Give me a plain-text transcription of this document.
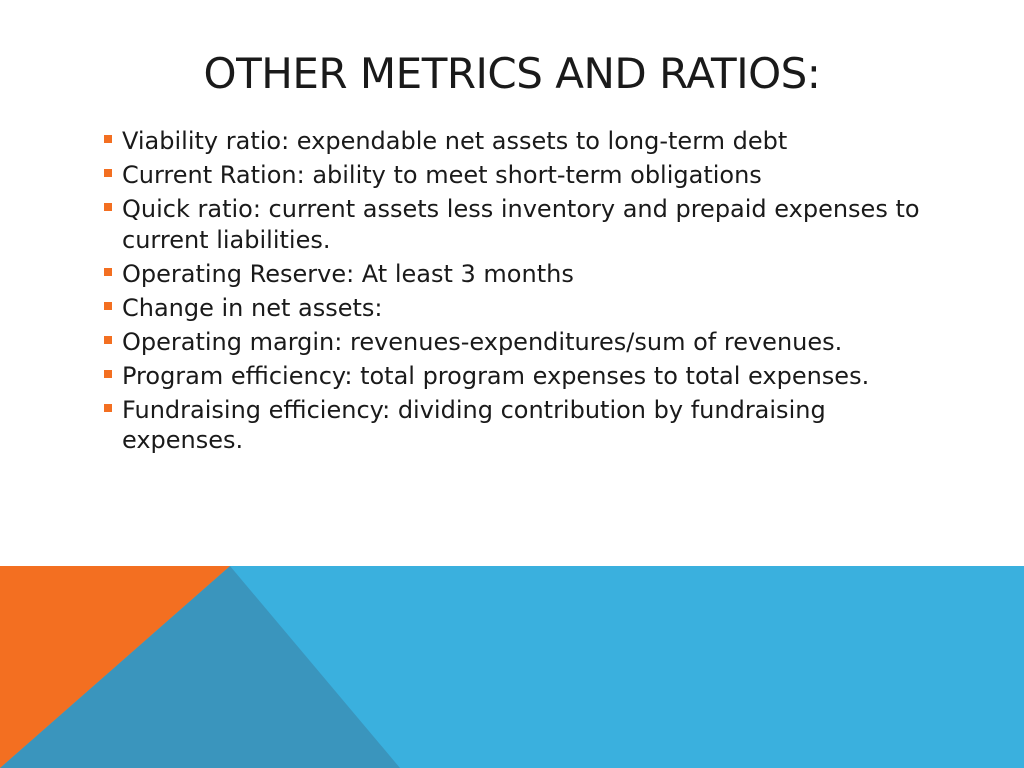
OTHER METRICS AND RATIOS:
Viability ratio: expendable net assets to long-term debt
Current Ration: ability to meet short-term obligations
Quick ratio: current assets less inventory and prepaid expenses to current liabilities.
Operating Reserve: At least 3 months
Change in net assets:
Operating margin: revenues-expenditures/sum of revenues.
Program efficiency: total program expenses to total expenses.
Fundraising efficiency: dividing contribution by fundraising expenses.
